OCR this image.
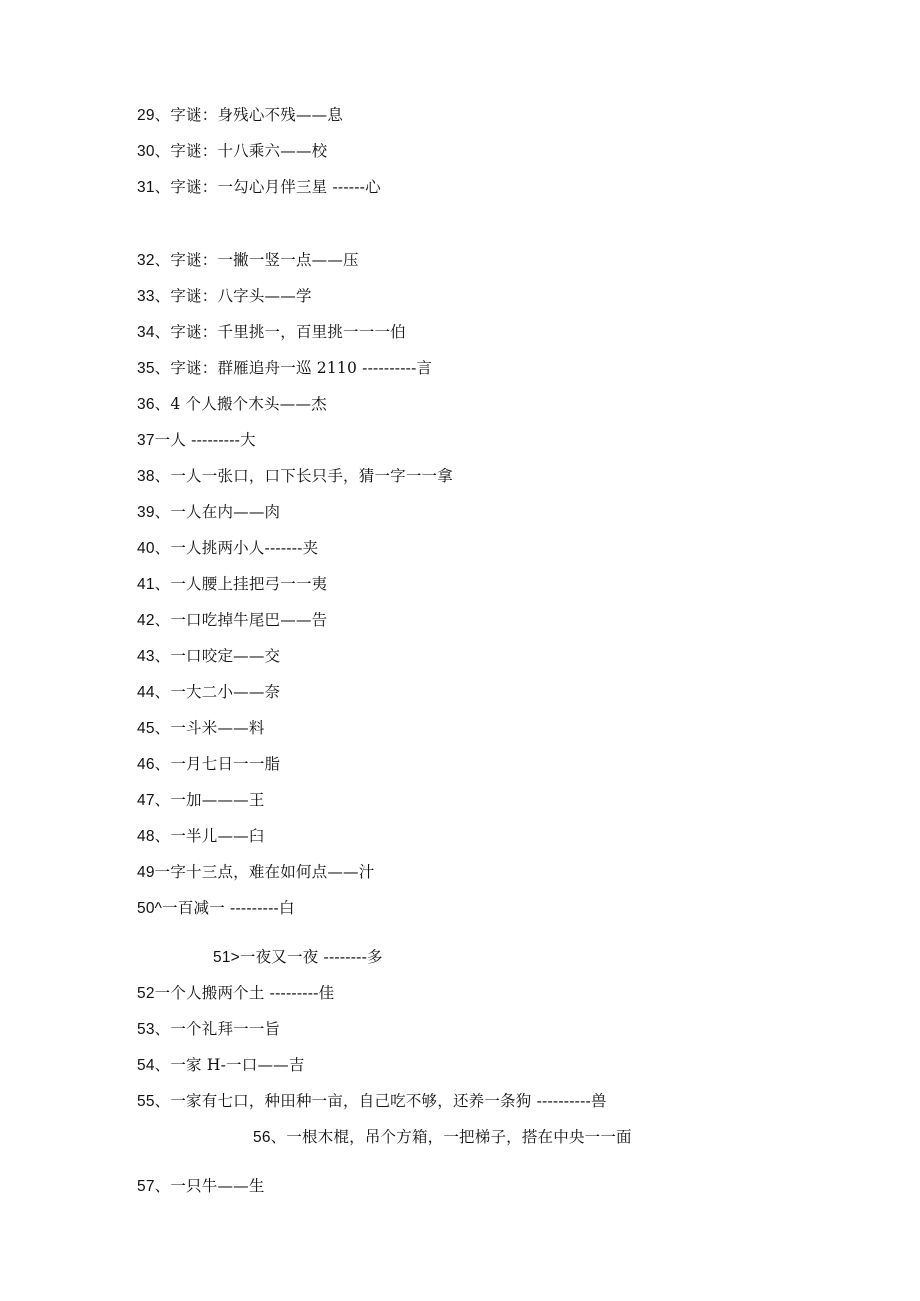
29、字谜：身残心不残——息
30、字谜：十八乘六——校
31、字谜：一勾心月伴三星 ------心
32、字谜：一撇一竖一点——压
33、字谜：八字头——学
34、字谜：千里挑一，百里挑一一一伯
35、字谜：群雁追舟一巡 2110 ----------言
36、4 个人搬个木头——杰
37一人 ---------大
38、一人一张口，口下长只手，猜一字一一拿
39、一人在内——肉
40、一人挑两小人-------夹
41、一人腰上挂把弓一一夷
42、一口吃掉牛尾巴——告
43、一口咬定——交
44、一大二小——奈
45、一斗米——料
46、一月七日一一脂
47、一加———王
48、一半儿——臼
49一字十三点，难在如何点——汁
50^一百减一 ---------白
51>一夜又一夜 --------多
52一个人搬两个土 ---------佳
53、一个礼拜一一旨
54、一家 H-一口——吉
55、一家有七口，种田种一亩，自己吃不够，还养一条狗 ----------兽
56、一根木棍，吊个方箱，一把梯子，搭在中央一一面
57、一只牛——生
